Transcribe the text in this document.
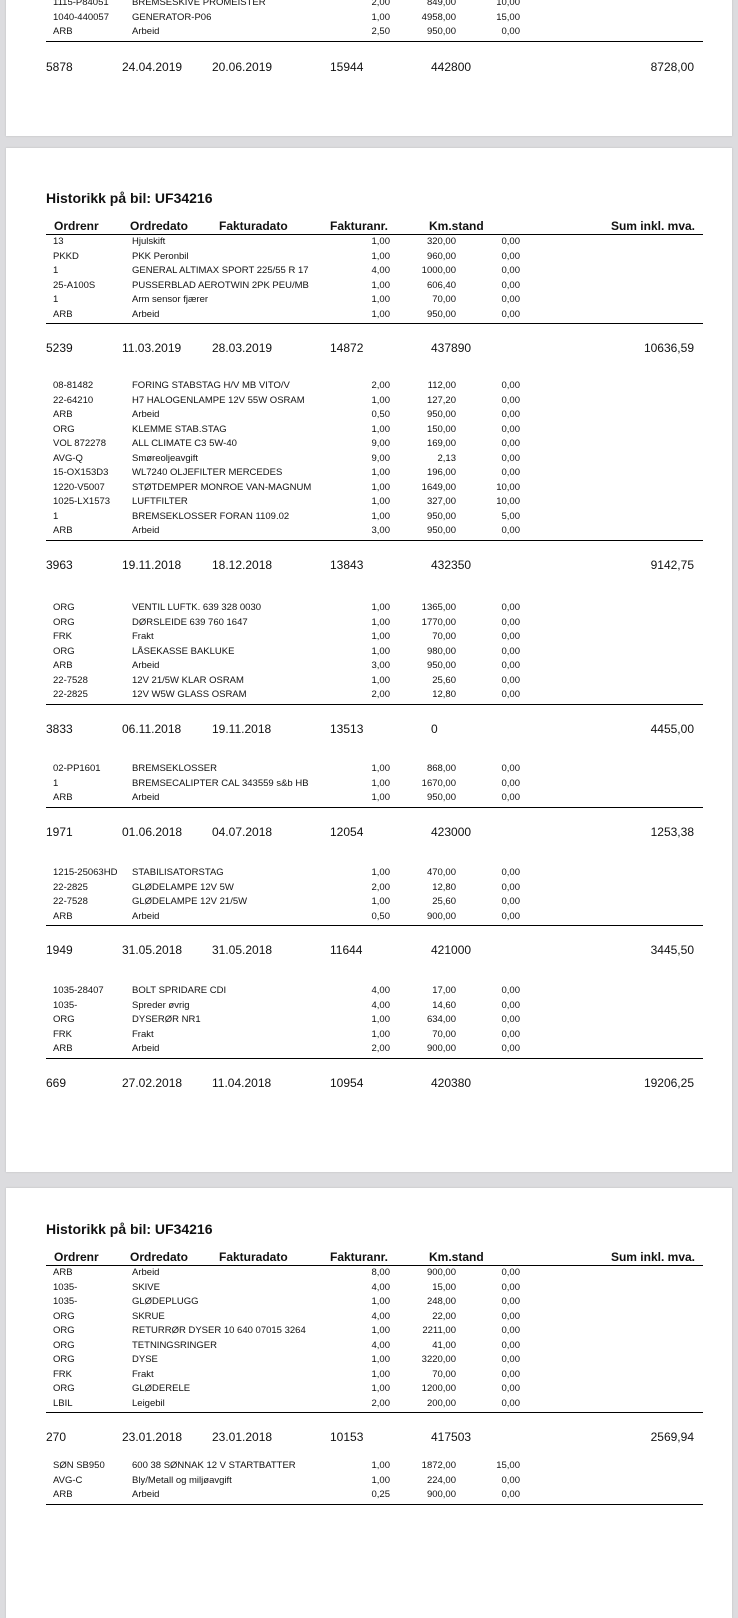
1115-P84051 BREMSESKIVE PROMEISTER	2,00	849,00	10,00
1040-440057 GENERATOR-P06	1,00	4958,00	15,00
ARB	Arbeid	2,50	950,00	0,00
5878	24.04.2019 20.06.2019	15944	442800	8728,00
Historikk på bil: UF34216
Ordrenr	Ordredato	Fakturadato	Fakturanr.	Km.stand	Sum inkl. mva.
13	Hjulskift	1,00	320,00	0,00
PKKD	PKK Peronbil	1,00	960,00	0,00
1	GENERAL ALTIMAX SPORT 225/55 R 17	4,00	1000,00	0,00
25-A100S	PUSSERBLAD AEROTWIN 2PK PEU/MB	1,00	606,40	0,00
1	Arm sensor fjærer	1,00	70,00	0,00
ARB	Arbeid	1,00	950,00	0,00
5239	11.03.2019	28.03.2019	14872	437890	10636,59
08-81482	FORING STABSTAG H/V MB VITO/V	2,00	112,00	0,00
22-64210	H7 HALOGENLAMPE 12V 55W OSRAM	1,00	127,20	0,00
ARB	Arbeid	0,50	950,00	0,00
ORG	KLEMME STAB.STAG	1,00	150,00	0,00
VOL 872278	ALL CLIMATE C3 5W-40	9,00	169,00	0,00
AVG-Q	Smøreoljeavgift	9,00	2,13	0,00
15-OX153D3 WL7240 OLJEFILTER MERCEDES	1,00	196,00	0,00
1220-V5007	STØTDEMPER MONROE VAN-MAGNUM	1,00	1649,00	10,00
1025-LX1573 LUFTFILTER	1,00	327,00	10,00
1	BREMSEKLOSSER FORAN 1109.02	1,00	950,00	5,00
ARB	Arbeid	3,00	950,00	0,00
3963	19.11.2018	18.12.2018	13843	432350	9142,75
ORG	VENTIL LUFTK. 639 328 0030	1,00	1365,00	0,00
ORG	DØRSLEIDE 639 760 1647	1,00	1770,00	0,00
FRK	Frakt	1,00	70,00	0,00
ORG	LÅSEKASSE BAKLUKE	1,00	980,00	0,00
ARB	Arbeid	3,00	950,00	0,00
22-7528	12V 21/5W KLAR OSRAM	1,00	25,60	0,00
22-2825	12V W5W GLASS OSRAM	2,00	12,80	0,00
3833	06.11.2018	19.11.2018	13513	0	4455,00
02-PP1601	BREMSEKLOSSER	1,00	868,00	0,00
1	BREMSECALIPTER CAL 343559 s&b HB	1,00	1670,00	0,00
ARB	Arbeid	1,00	950,00	0,00
1971	01.06.2018 04.07.2018	12054	423000	1253,38
1215-25063HD STABILISATORSTAG	1,00	470,00	0,00
22-2825	GLØDELAMPE 12V 5W	2,00	12,80	0,00
22-7528	GLØDELAMPE 12V 21/5W	1,00	25,60	0,00
ARB	Arbeid	0,50	900,00	0,00
1949	31.05.2018 31.05.2018	11644	421000	3445,50
1035-28407	BOLT SPRIDARE CDI	4,00	17,00	0,00
1035-	Spreder øvrig	4,00	14,60	0,00
ORG	DYSERØR NR1	1,00	634,00	0,00
FRK	Frakt	1,00	70,00	0,00
ARB	Arbeid	2,00	900,00	0,00
669	27.02.2018 11.04.2018	10954	420380	19206,25
Historikk på bil: UF34216
Ordrenr	Ordredato	Fakturadato	Fakturanr.	Km.stand	Sum inkl. mva.
ARB	Arbeid	8,00	900,00	0,00
1035-	SKIVE	4,00	15,00	0,00
1035-	GLØDEPLUGG	1,00	248,00	0,00
ORG	SKRUE	4,00	22,00	0,00
ORG	RETURRØR DYSER 10 640 07015 3264	1,00	2211,00	0,00
ORG	TETNINGSRINGER	4,00	41,00	0,00
ORG	DYSE	1,00	3220,00	0,00
FRK	Frakt	1,00	70,00	0,00
ORG	GLØDERELE	1,00	1200,00	0,00
LBIL	Leigebil	2,00	200,00	0,00
270	23.01.2018 23.01.2018	10153	417503	2569,94
SØN SB950	600 38 SØNNAK 12 V STARTBATTER	1,00	1872,00	15,00
AVG-C	Bly/Metall og miljøavgift	1,00	224,00	0,00
ARB	Arbeid	0,25	900,00	0,00
